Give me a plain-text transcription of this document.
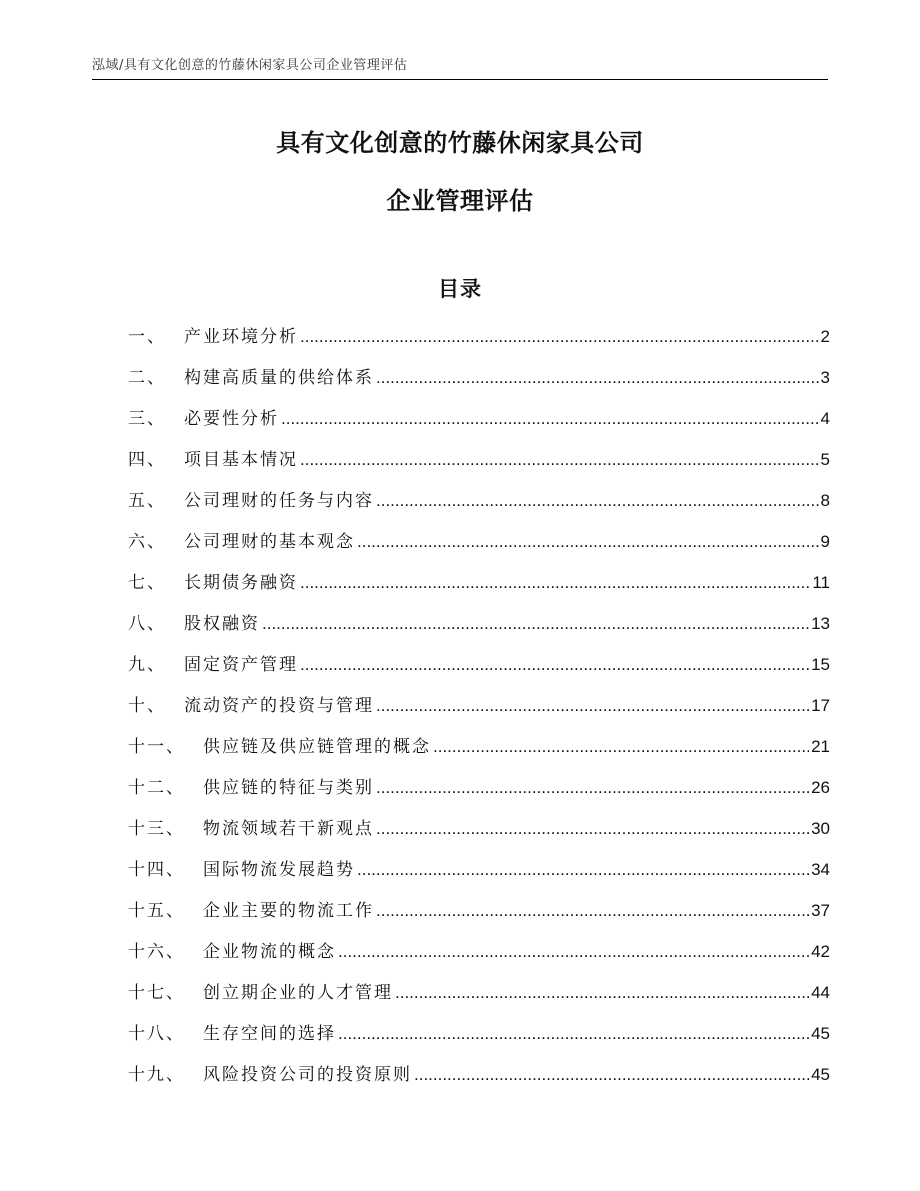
泓域/具有文化创意的竹藤休闲家具公司企业管理评估
具有文化创意的竹藤休闲家具公司
企业管理评估
目录
一、 产业环境分析 .....	2
二、 构建高质量的供给体系 .....	3
三、 必要性分析 .....	4
四、 项目基本情况 .....	5
五、 公司理财的任务与内容 .....	8
六、 公司理财的基本观念 .....	9
七、 长期债务融资 .....	11
八、 股权融资 .....	13
九、 固定资产管理 .....	15
十、 流动资产的投资与管理 .....	17
十一、 供应链及供应链管理的概念 .....	21
十二、 供应链的特征与类别 .....	26
十三、 物流领域若干新观点 .....	30
十四、 国际物流发展趋势 .....	34
十五、 企业主要的物流工作 .....	37
十六、 企业物流的概念 .....	42
十七、 创立期企业的人才管理 .....	44
十八、 生存空间的选择 .....	45
十九、 风险投资公司的投资原则 .....	45
